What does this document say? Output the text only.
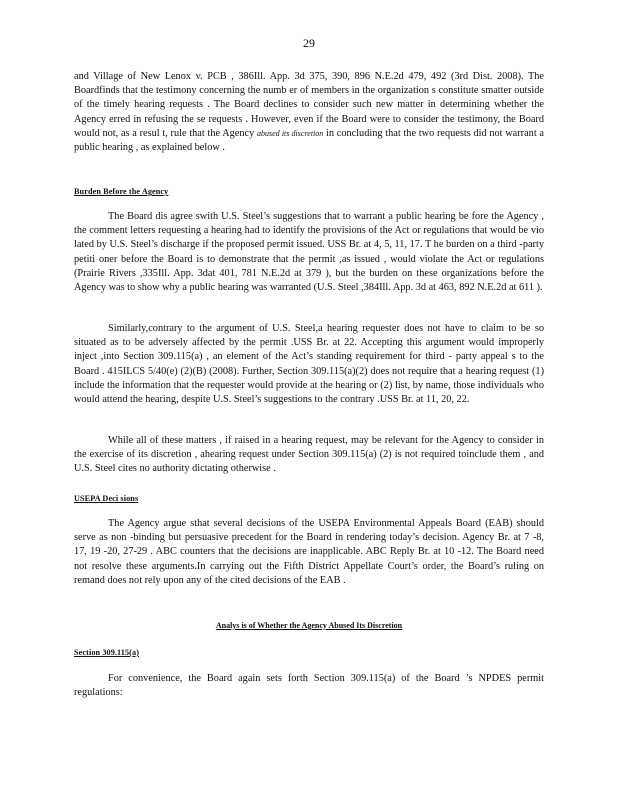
29

and Village of New Lenox v. PCB , 386Ill. App. 3d 375, 390, 896 N.E.2d 479, 492 (3rd Dist. 2008). The Boardfinds that the testimony concerning the numb er of members in the organization s constitute smatter outside of the timely hearing requests . The Board declines to consider such new matter in determining whether the Agency erred in refusing the se requests . However, even if the Board were to consider the testimony, the Board would not, as a resul t, rule that the Agency abused its discretion in concluding that the two requests did not warrant a public hearing , as explained below .

Burden Before the Agency

The Board dis agree swith U.S. Steel’s suggestions that to warrant a public hearing be fore the Agency , the comment letters requesting a hearing had to identify the provisions of the Act or regulations that would be vio lated by U.S. Steel’s discharge if the proposed permit issued. USS Br. at 4, 5, 11, 17. T he burden on a third -party petiti oner before the Board is to demonstrate that the permit ,as issued , would violate the Act or regulations (Prairie Rivers ,335Ill. App. 3dat 401, 781 N.E.2d at 379 ), but the burden on these organizations before the Agency was to show why a public hearing was warranted (U.S. Steel ,384Ill. App. 3d at 463, 892 N.E.2d at 611 ).

Similarly,contrary to the argument of U.S. Steel,a hearing requester does not have to claim to be so situated as to be adversely affected by the permit .USS Br. at 22. Accepting this argument would improperly inject ,into Section 309.115(a) , an element of the Act’s standing requirement for third - party appeal s to the Board . 415ILCS 5/40(e) (2)(B) (2008). Further, Section 309.115(a)(2) does not require that a hearing request (1) include the information that the requester would provide at the hearing or (2) list, by name, those individuals who would attend the hearing, despite U.S. Steel’s suggestions to the contrary .USS Br. at 11, 20, 22.

While all of these matters , if raised in a hearing request, may be relevant for the Agency to consider in the exercise of its discretion , ahearing request under Section 309.115(a) (2) is not required toinclude them , and U.S. Steel cites no authority dictating otherwise .

USEPA Deci sions

The Agency argue sthat several decisions of the USEPA Environmental Appeals Board (EAB) should serve as non -binding but persuasive precedent for the Board in rendering today’s decision. Agency Br. at 7 -8, 17, 19 -20, 27-29 . ABC counters that the decisions are inapplicable. ABC Reply Br. at 10 -12. The Board need not resolve these arguments.In carrying out the Fifth District Appellate Court’s order, the Board’s ruling on remand does not rely upon any of the cited decisions of the EAB .

Analys is of Whether the Agency Abused Its Discretion
Section 309.115(a)

For convenience, the Board again sets forth Section 309.115(a) of the Board ’s NPDES permit regulations:
